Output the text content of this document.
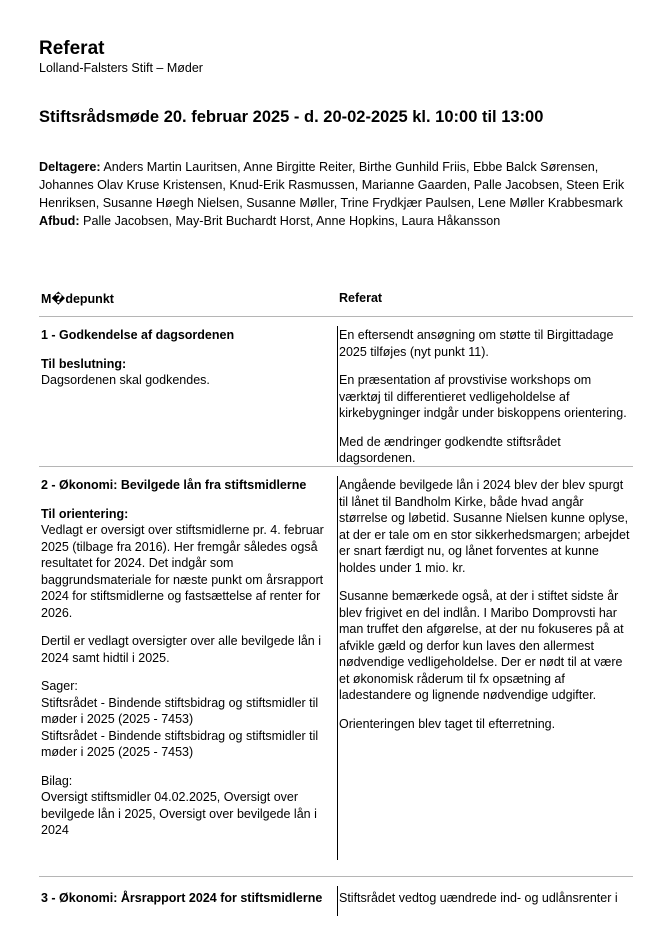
Referat
Lolland-Falsters Stift – Møder
Stiftsrådsmøde 20. februar 2025 - d. 20-02-2025 kl. 10:00 til 13:00
Deltagere: Anders Martin Lauritsen, Anne Birgitte Reiter, Birthe Gunhild Friis, Ebbe Balck Sørensen, Johannes Olav Kruse Kristensen, Knud-Erik Rasmussen, Marianne Gaarden, Palle Jacobsen, Steen Erik Henriksen, Susanne Høegh Nielsen, Susanne Møller, Trine Frydkjær Paulsen, Lene Møller Krabbesmark
Afbud: Palle Jacobsen, May-Brit Buchardt Horst, Anne Hopkins, Laura Håkansson
M�depunkt	Referat

1 - Godkendelse af dagsordenen

Til beslutning:

Dagsordenen skal godkendes.

En eftersendt ansøgning om støtte til Birgittadage 2025 tilføjes (nyt punkt 11).

En præsentation af provstivise workshops om værktøj til differentieret vedligeholdelse af kirkebygninger indgår under biskoppens orientering.

Med de ændringer godkendte stiftsrådet dagsordenen.

2 - Økonomi: Bevilgede lån fra stiftsmidlerne

Til orientering:

Vedlagt er oversigt over stiftsmidlerne pr. 4. februar 2025 (tilbage fra 2016). Her fremgår således også resultatet for 2024. Det indgår som baggrundsmateriale for næste punkt om årsrapport 2024 for stiftsmidlerne og fastsættelse af renter for 2026.

Dertil er vedlagt oversigter over alle bevilgede lån i 2024 samt hidtil i 2025.

Sager:
Stiftsrådet - Bindende stiftsbidrag og stiftsmidler til møder i 2025 (2025 - 7453)
Stiftsrådet - Bindende stiftsbidrag og stiftsmidler til møder i 2025 (2025 - 7453)

Bilag:
Oversigt stiftsmidler 04.02.2025, Oversigt over bevilgede lån i 2025, Oversigt over bevilgede lån i 2024

Angående bevilgede lån i 2024 blev der blev spurgt til lånet til Bandholm Kirke, både hvad angår størrelse og løbetid. Susanne Nielsen kunne oplyse, at der er tale om en stor sikkerhedsmargen; arbejdet er snart færdigt nu, og lånet forventes at kunne holdes under 1 mio. kr.

Susanne bemærkede også, at der i stiftet sidste år blev frigivet en del indlån. I Maribo Domprovsti har man truffet den afgørelse, at der nu fokuseres på at afvikle gæld og derfor kun laves den allermest nødvendige vedligeholdelse. Der er nødt til at være et økonomisk råderum til fx opsætning af ladestandere og lignende nødvendige udgifter.

Orienteringen blev taget til efterretning.

3 - Økonomi: Årsrapport 2024 for stiftsmidlerne	Stiftsrådet vedtog uændrede ind- og udlånsrenter i
